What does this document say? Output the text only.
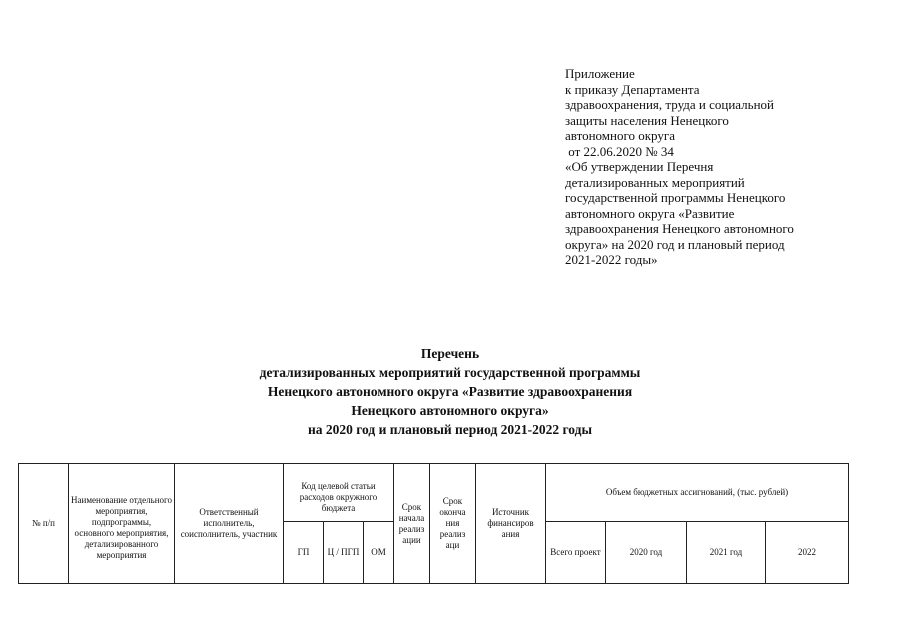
Приложение
к приказу Департамента
здравоохранения, труда и социальной
защиты населения Ненецкого
автономного округа
от 22.06.2020 № 34
«Об утверждении Перечня
детализированных мероприятий
государственной программы Ненецкого
автономного округа «Развитие
здравоохранения Ненецкого автономного
округа» на 2020 год и плановый период
2021-2022 годы»
Перечень
детализированных мероприятий государственной программы
Ненецкого автономного округа «Развитие здравоохранения
Ненецкого автономного округа»
на 2020 год и плановый период 2021-2022 годы
№ п/п	Наименование отдельного мероприятия, подпрограммы, основного мероприятия, детализированного мероприятия	Ответственный исполнитель, соисполнитель, участник	Код целевой статьи расходов окружного бюджета			Срок начала реализ ации	Срок оконча ния реализ аци	Источник финансиров ания	Объем бюджетных ассигнований, (тыс. рублей)			
			ГП	Ц / ПГП	ОМ				Всего проект	2020 год	2021 год	2022
